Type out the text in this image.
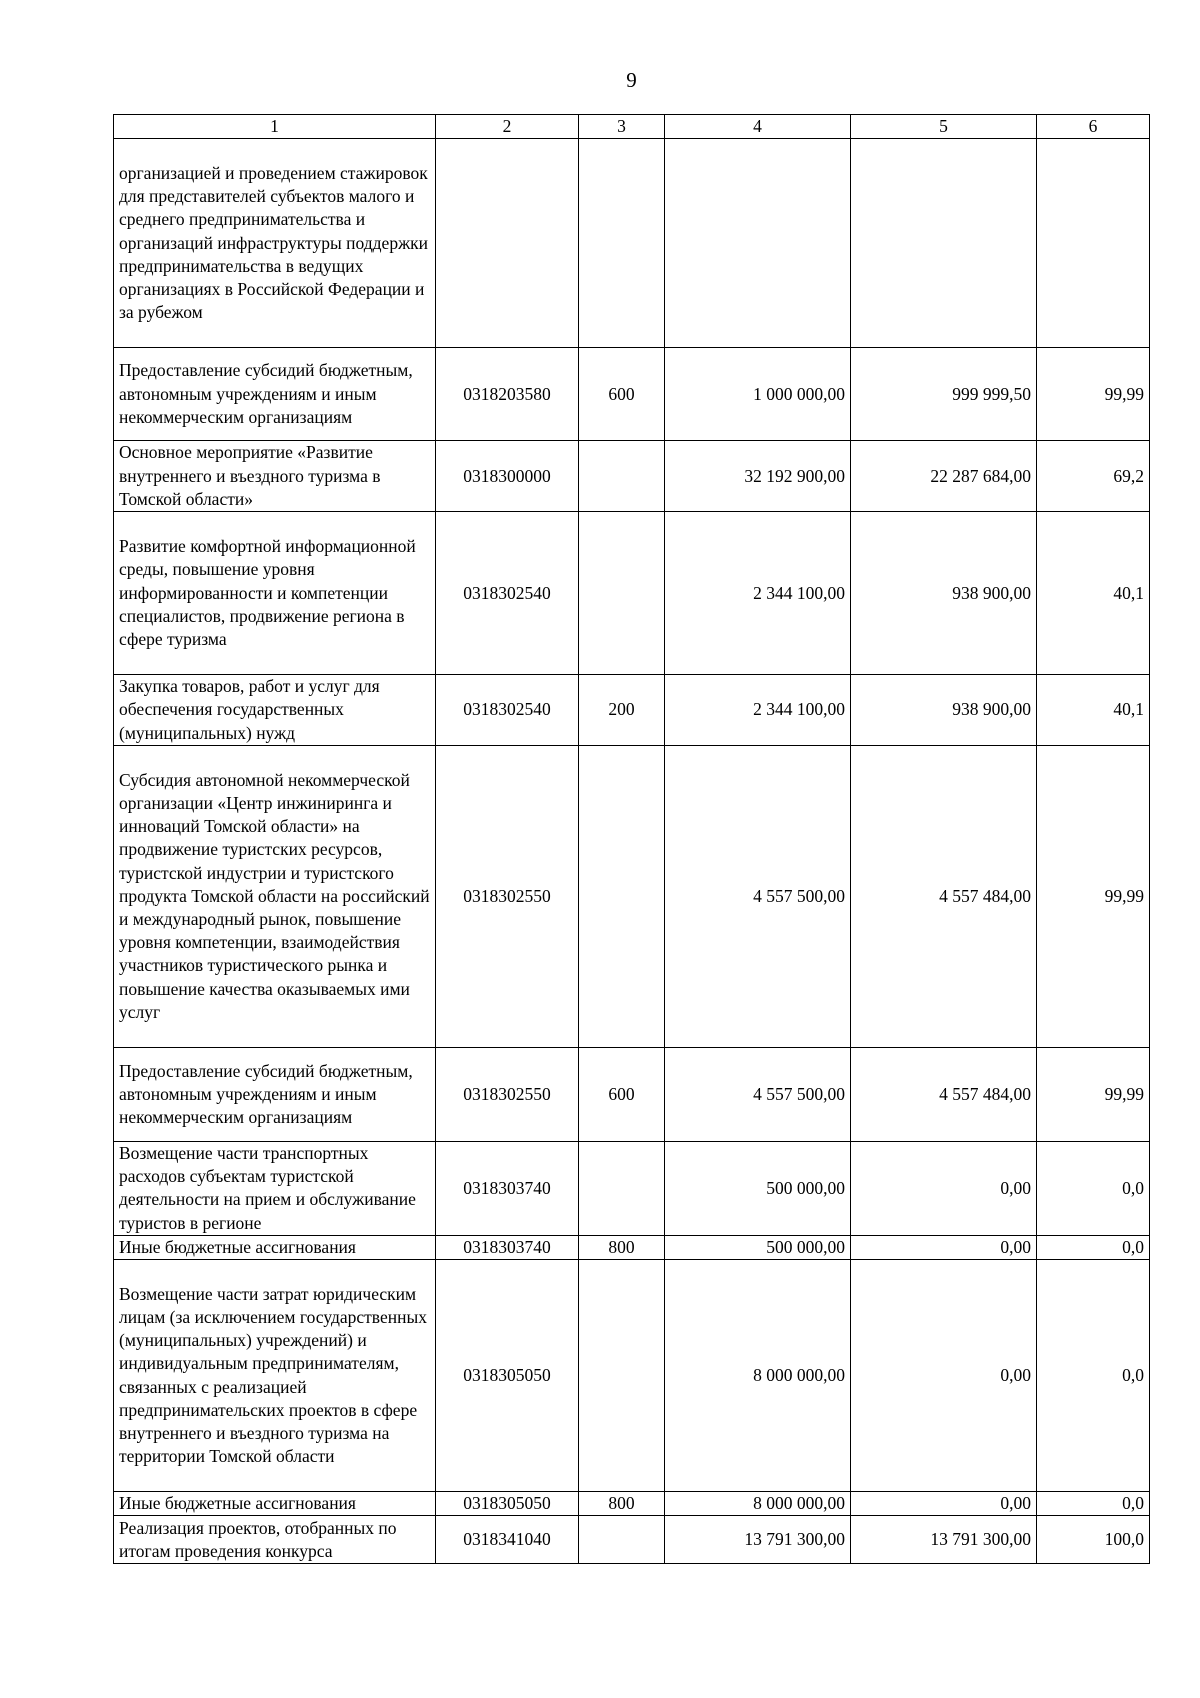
9
1	2	3	4	5	6
организацией и проведением стажировок для представителей субъектов малого и среднего предпринимательства и организаций инфраструктуры поддержки предпринимательства в ведущих организациях в Российской Федерации и за рубежом					
Предоставление субсидий бюджетным, автономным учреждениям и иным некоммерческим организациям	0318203580	600	1 000 000,00	999 999,50	99,99
Основное мероприятие «Развитие внутреннего и въездного туризма в Томской области»	0318300000		32 192 900,00	22 287 684,00	69,2
Развитие комфортной информационной среды, повышение уровня информированности и компетенции специалистов, продвижение региона в сфере туризма	0318302540		2 344 100,00	938 900,00	40,1
Закупка товаров, работ и услуг для обеспечения государственных (муниципальных) нужд	0318302540	200	2 344 100,00	938 900,00	40,1
Субсидия автономной некоммерческой организации «Центр инжиниринга и инноваций Томской области» на продвижение туристских ресурсов, туристской индустрии и туристского продукта Томской области на российский и международный рынок, повышение уровня компетенции, взаимодействия участников туристического рынка и повышение качества оказываемых ими услуг	0318302550		4 557 500,00	4 557 484,00	99,99
Предоставление субсидий бюджетным, автономным учреждениям и иным некоммерческим организациям	0318302550	600	4 557 500,00	4 557 484,00	99,99
Возмещение части транспортных расходов субъектам туристской деятельности на прием и обслуживание туристов в регионе	0318303740		500 000,00	0,00	0,0
Иные бюджетные ассигнования	0318303740	800	500 000,00	0,00	0,0
Возмещение части затрат юридическим лицам (за исключением государственных (муниципальных) учреждений) и индивидуальным предпринимателям, связанных с реализацией предпринимательских проектов в сфере внутреннего и въездного туризма на территории Томской области	0318305050		8 000 000,00	0,00	0,0
Иные бюджетные ассигнования	0318305050	800	8 000 000,00	0,00	0,0
Реализация проектов, отобранных по итогам проведения конкурса	0318341040		13 791 300,00	13 791 300,00	100,0
